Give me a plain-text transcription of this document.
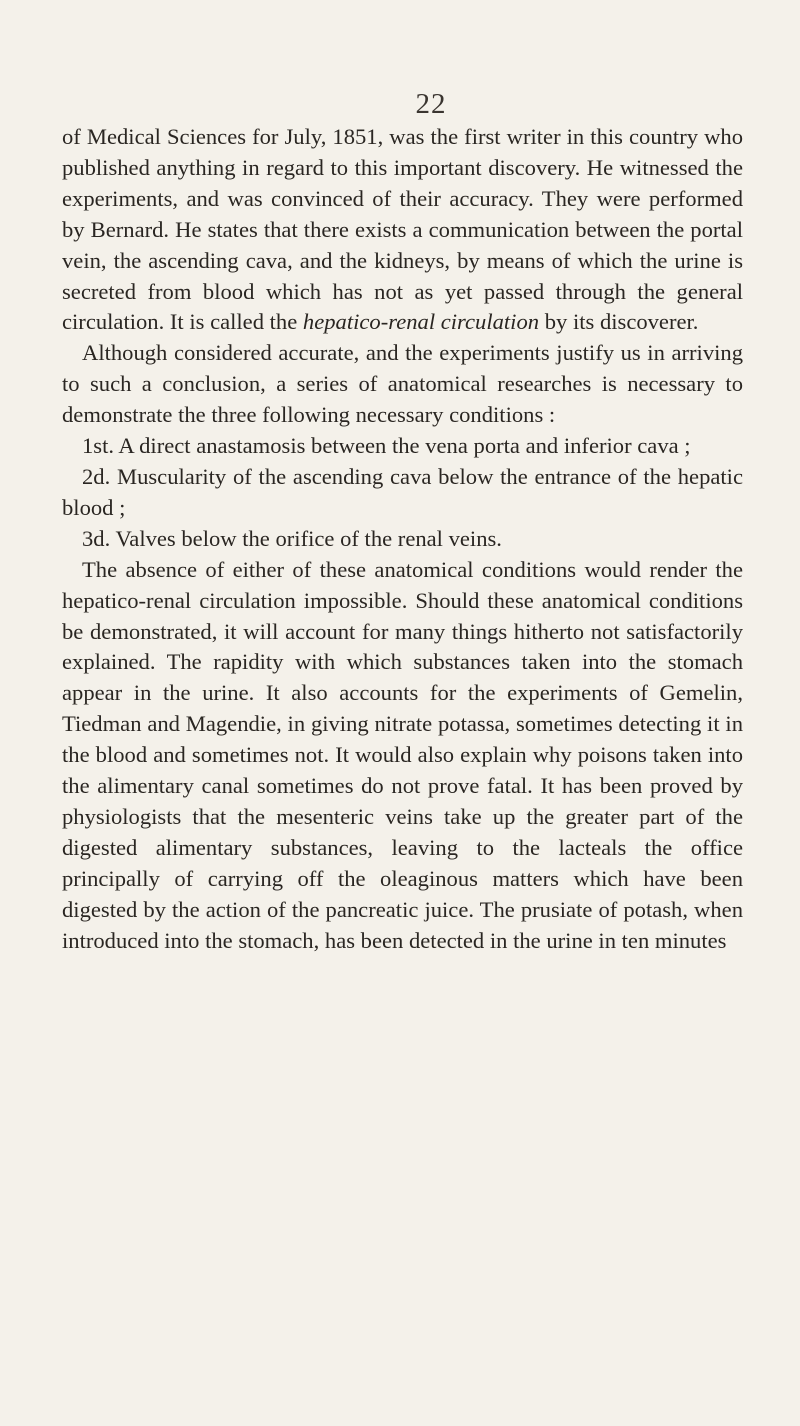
22

of Medical Sciences for July, 1851, was the first writer in this country who published anything in regard to this important discovery. He witnessed the experiments, and was convinced of their accuracy. They were performed by Bernard. He states that there exists a communication between the portal vein, the ascending cava, and the kidneys, by means of which the urine is secreted from blood which has not as yet passed through the general circulation. It is called the hepatico-renal circulation by its discoverer.

Although considered accurate, and the experiments justify us in arriving to such a conclusion, a series of anatomical researches is necessary to demonstrate the three following necessary conditions :

1st. A direct anastamosis between the vena porta and inferior cava ;

2d. Muscularity of the ascending cava below the entrance of the hepatic blood ;

3d. Valves below the orifice of the renal veins.

The absence of either of these anatomical conditions would render the hepatico-renal circulation impossible. Should these anatomical conditions be demonstrated, it will account for many things hitherto not satisfactorily explained. The rapidity with which substances taken into the stomach appear in the urine. It also accounts for the experiments of Gemelin, Tiedman and Magendie, in giving nitrate potassa, sometimes detecting it in the blood and sometimes not. It would also explain why poisons taken into the alimentary canal sometimes do not prove fatal. It has been proved by physiologists that the mesenteric veins take up the greater part of the digested alimentary substances, leaving to the lacteals the office principally of carrying off the oleaginous matters which have been digested by the action of the pancreatic juice. The prusiate of potash, when introduced into the stomach, has been detected in the urine in ten minutes
